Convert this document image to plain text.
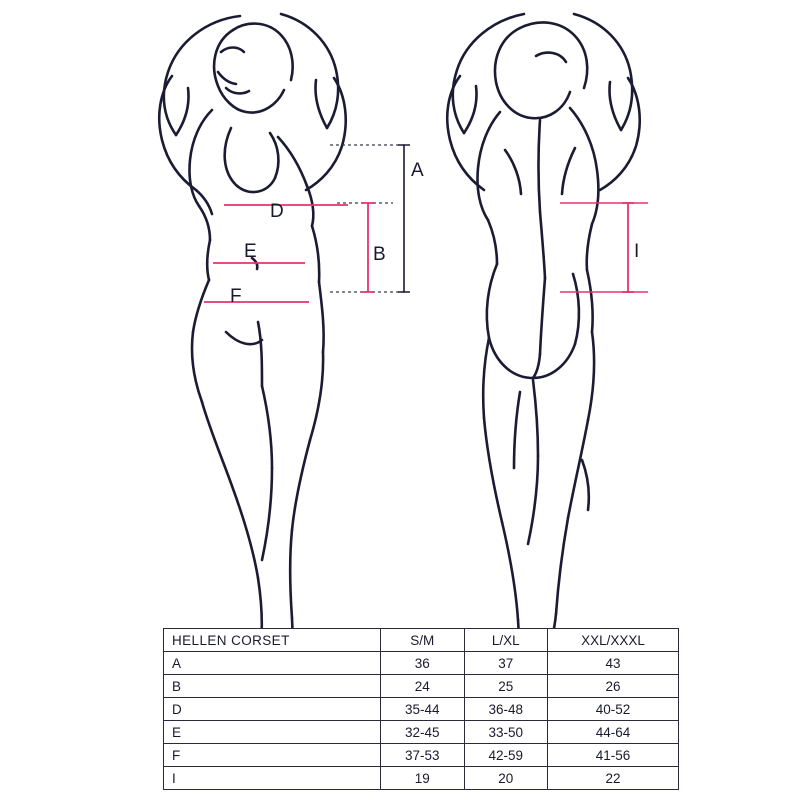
A
D
B
E
F
I
HELLEN CORSET	S/M	L/XL	XXL/XXXL
A	36	37	43
B	24	25	26
D	35-44	36-48	40-52
E	32-45	33-50	44-64
F	37-53	42-59	41-56
I	19	20	22
